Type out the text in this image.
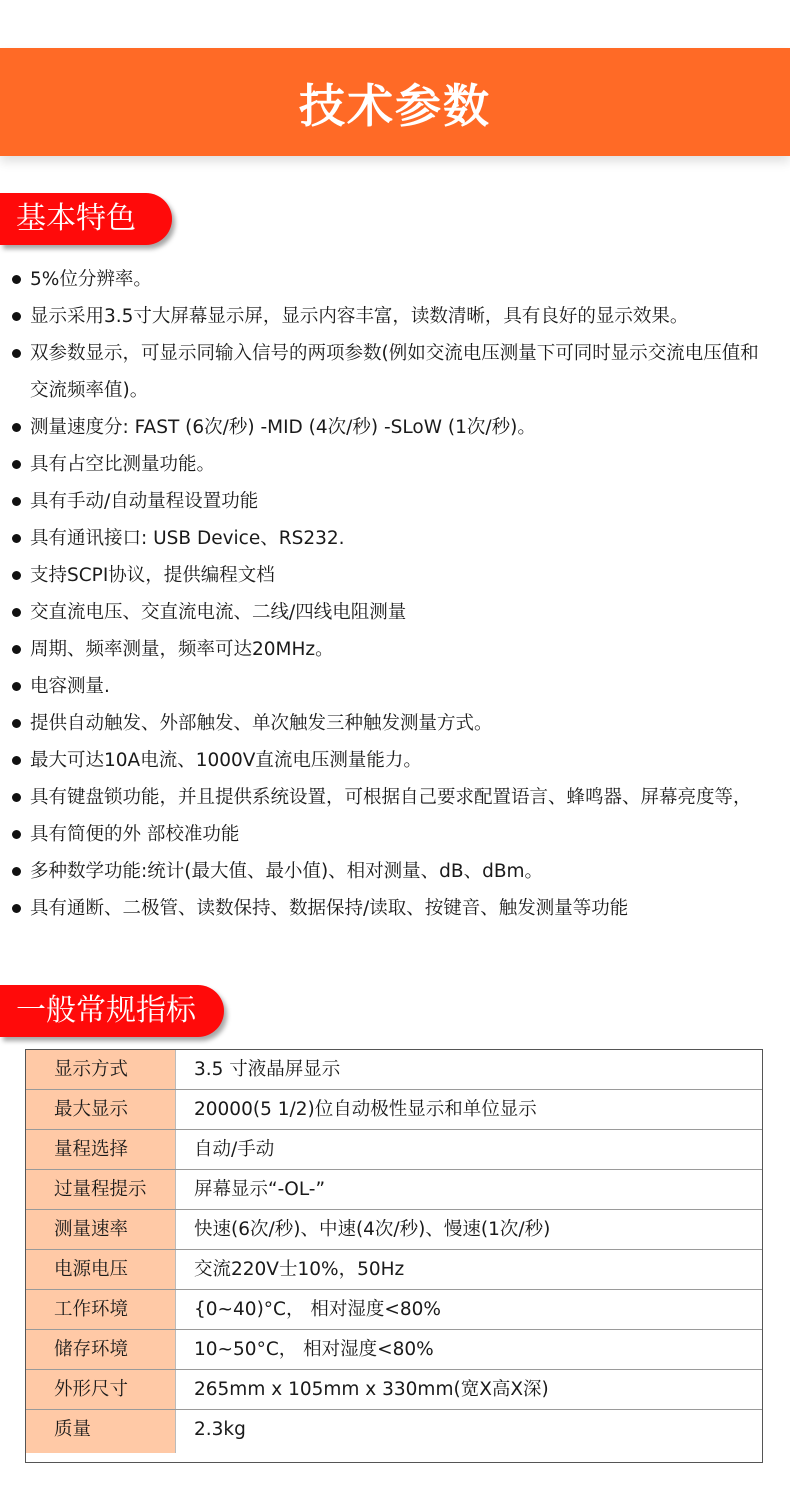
技术参数
基本特色
5%位分辨率。
显示采用3.5寸大屏幕显示屏，显示内容丰富，读数清晰，具有良好的显示效果。
双参数显示，可显示同输入信号的两项参数(例如交流电压测量下可同时显示交流电压值和交流频率值)。
测量速度分: FAST (6次/秒) -MID (4次/秒) -SLoW (1次/秒)。
具有占空比测量功能。
具有手动/自动量程设置功能
具有通讯接口: USB Device、RS232.
支持SCPI协议，提供编程文档
交直流电压、交直流电流、二线/四线电阻测量
周期、频率测量，频率可达20MHz。
电容测量.
提供自动触发、外部触发、单次触发三种触发测量方式。
最大可达10A电流、1000V直流电压测量能力。
具有键盘锁功能，并且提供系统设置，可根据自己要求配置语言、蜂鸣器、屏幕亮度等，
具有简便的外 部校准功能
多种数学功能:统计(最大值、最小值)、相对测量、dB、dBm。
具有通断、二极管、读数保持、数据保持/读取、按键音、触发测量等功能
一般常规指标
显示方式	3.5 寸液晶屏显示
最大显示	20000(5 1/2)位自动极性显示和单位显示
量程选择	自动/手动
过量程提示	屏幕显示“-OL-”
测量速率	快速(6次/秒)、中速(4次/秒)、慢速(1次/秒)
电源电压	交流220V士10%，50Hz
工作环境	{0~40)°C， 相对湿度<80%
储存环境	10~50°C， 相对湿度<80%
外形尺寸	265mm x 105mm x 330mm(宽X高X深)
质量	2.3kg
